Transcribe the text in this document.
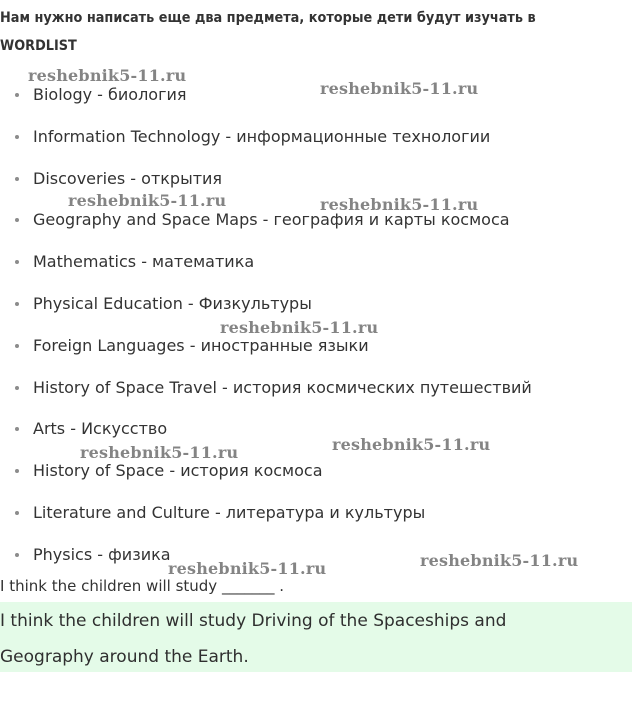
Нам нужно написать еще два предмета, которые дети будут изучать в
WORDLIST
Biology - биология
Information Technology - информационные технологии
Discoveries - открытия
Geography and Space Maps - география и карты космоса
Mathematics - математика
Physical Education - Физкультуры
Foreign Languages - иностранные языки
History of Space Travel - история космических путешествий
Arts - Искусство
History of Space - история космоса
Literature and Culture - литература и культуры
Physics - физика
I think the children will study _______ .
I think the children will study Driving of the Spaceships and Geography around the Earth.
reshebnik5-11.ru
reshebnik5-11.ru
reshebnik5-11.ru	reshebnik5-11.ru
reshebnik5-11.ru
reshebnik5-11.ru	reshebnik5-11.ru
reshebnik5-11.ru	reshebnik5-11.ru
